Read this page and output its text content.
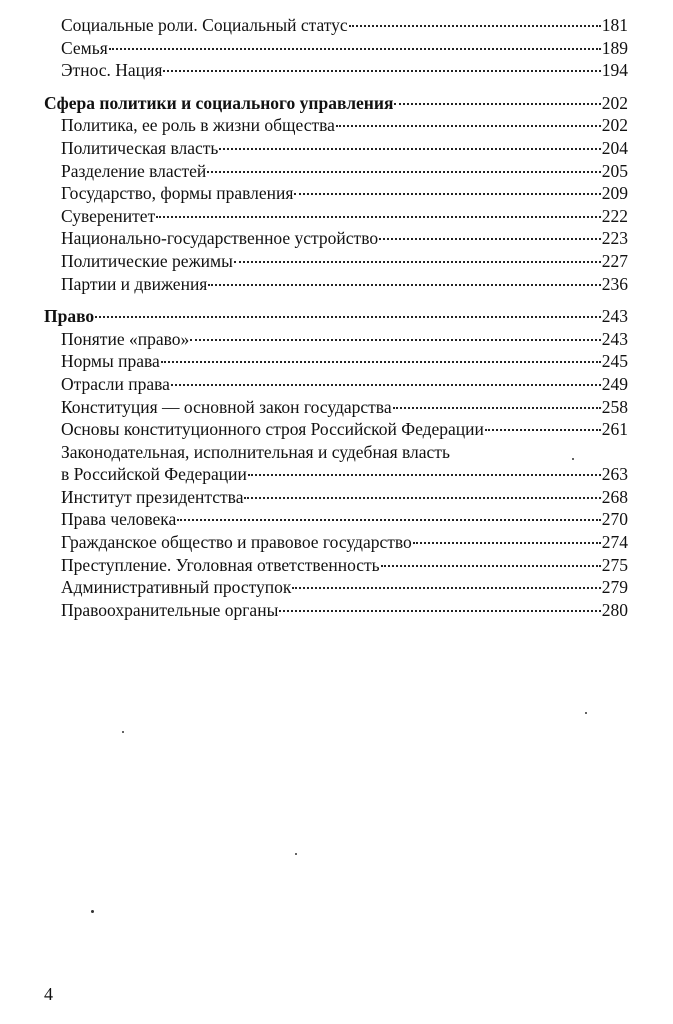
Социальные роли. Социальный статус	181
Семья	189
Этнос. Нация	194
Сфера политики и социального управления	202
Политика, ее роль в жизни общества	202
Политическая власть	204
Разделение властей	205
Государство, формы правления	209
Суверенитет	222
Национально-государственное устройство	223
Политические режимы	227
Партии и движения	236
Право	243
Понятие «право»	243
Нормы права	245
Отрасли права	249
Конституция — основной закон государства	258
Основы конституционного строя Российской Федерации	261
Законодательная, исполнительная и судебная власть
в Российской Федерации	263
Институт президентства	268
Права человека	270
Гражданское общество и правовое государство	274
Преступление. Уголовная ответственность	275
Административный проступок	279
Правоохранительные органы	280
4
